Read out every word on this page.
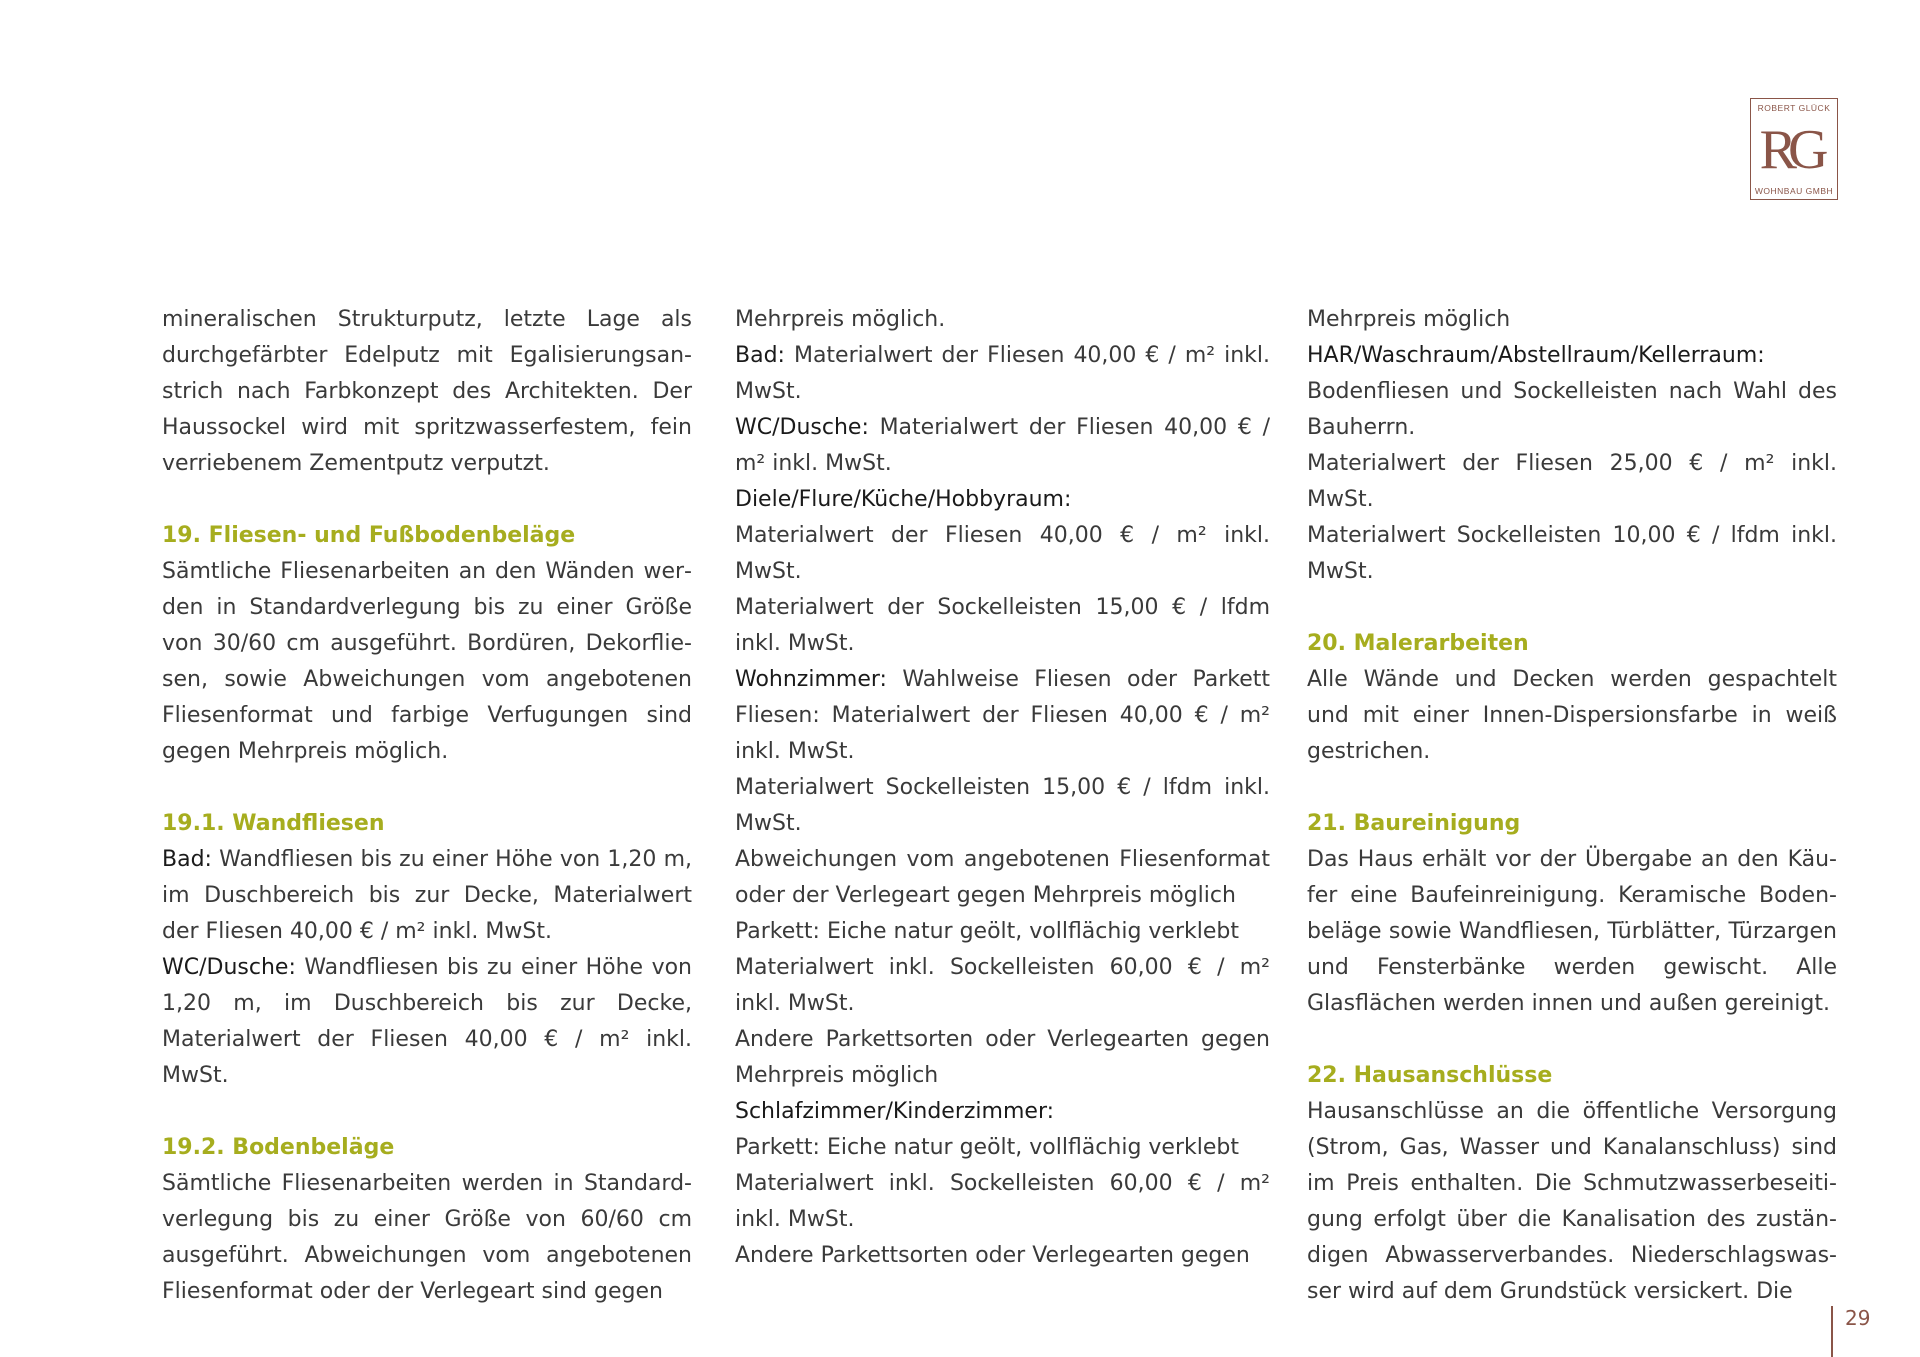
ROBERT GLÜCK
RG
WOHNBAU GMBH

mineralischen Strukturputz, letzte Lage als durchgefärbter Edelputz mit Egalisierungsanstrich nach Farbkonzept des Architekten. Der Haussockel wird mit spritzwasserfestem, fein verriebenem Zementputz verputzt.

19. Fliesen- und Fußbodenbeläge

Sämtliche Fliesenarbeiten an den Wänden werden in Standardverlegung bis zu einer Größe von 30/60 cm ausgeführt. Bordüren, Dekorfliesen, sowie Abweichungen vom angebotenen Fliesenformat und farbige Verfugungen sind gegen Mehrpreis möglich.

19.1. Wandfliesen

Bad: Wandfliesen bis zu einer Höhe von 1,20 m, im Duschbereich bis zur Decke, Materialwert der Fliesen 40,00 € / m² inkl. MwSt.

WC/Dusche: Wandfliesen bis zu einer Höhe von 1,20 m, im Duschbereich bis zur Decke, Materialwert der Fliesen 40,00 € / m² inkl. MwSt.

19.2. Bodenbeläge

Sämtliche Fliesenarbeiten werden in Standardverlegung bis zu einer Größe von 60/60 cm ausgeführt. Abweichungen vom angebotenen Fliesenformat oder der Verlegeart sind gegen

Mehrpreis möglich.

Bad: Materialwert der Fliesen 40,00 € / m² inkl. MwSt.

WC/Dusche: Materialwert der Fliesen 40,00 € / m² inkl. MwSt.

Diele/Flure/Küche/Hobbyraum:

Materialwert der Fliesen 40,00 € / m² inkl. MwSt.

Materialwert der Sockelleisten 15,00 € / lfdm inkl. MwSt.

Wohnzimmer: Wahlweise Fliesen oder Parkett Fliesen: Materialwert der Fliesen 40,00 € / m² inkl. MwSt.

Materialwert Sockelleisten 15,00 € / lfdm inkl. MwSt.

Abweichungen vom angebotenen Fliesenformat oder der Verlegeart gegen Mehrpreis möglich

Parkett: Eiche natur geölt, vollflächig verklebt

Materialwert inkl. Sockelleisten 60,00 € / m² inkl. MwSt.

Andere Parkettsorten oder Verlegearten gegen Mehrpreis möglich

Schlafzimmer/Kinderzimmer:

Parkett: Eiche natur geölt, vollflächig verklebt

Materialwert inkl. Sockelleisten 60,00 € / m² inkl. MwSt.

Andere Parkettsorten oder Verlegearten gegen

Mehrpreis möglich

HAR/Waschraum/Abstellraum/Kellerraum:

Bodenfliesen und Sockelleisten nach Wahl des Bauherrn.

Materialwert der Fliesen 25,00 € / m² inkl. MwSt.

Materialwert Sockelleisten 10,00 € / lfdm inkl. MwSt.

20. Malerarbeiten

Alle Wände und Decken werden gespachtelt und mit einer Innen-Dispersionsfarbe in weiß gestrichen.

21. Baureinigung

Das Haus erhält vor der Übergabe an den Käufer eine Baufeinreinigung. Keramische Bodenbeläge sowie Wandfliesen, Türblätter, Türzargen und Fensterbänke werden gewischt. Alle Glasflächen werden innen und außen gereinigt.

22. Hausanschlüsse

Hausanschlüsse an die öffentliche Versorgung (Strom, Gas, Wasser und Kanalanschluss) sind im Preis enthalten. Die Schmutzwasserbeseitigung erfolgt über die Kanalisation des zuständigen Abwasserverbandes. Niederschlagswasser wird auf dem Grundstück versickert. Die

29
